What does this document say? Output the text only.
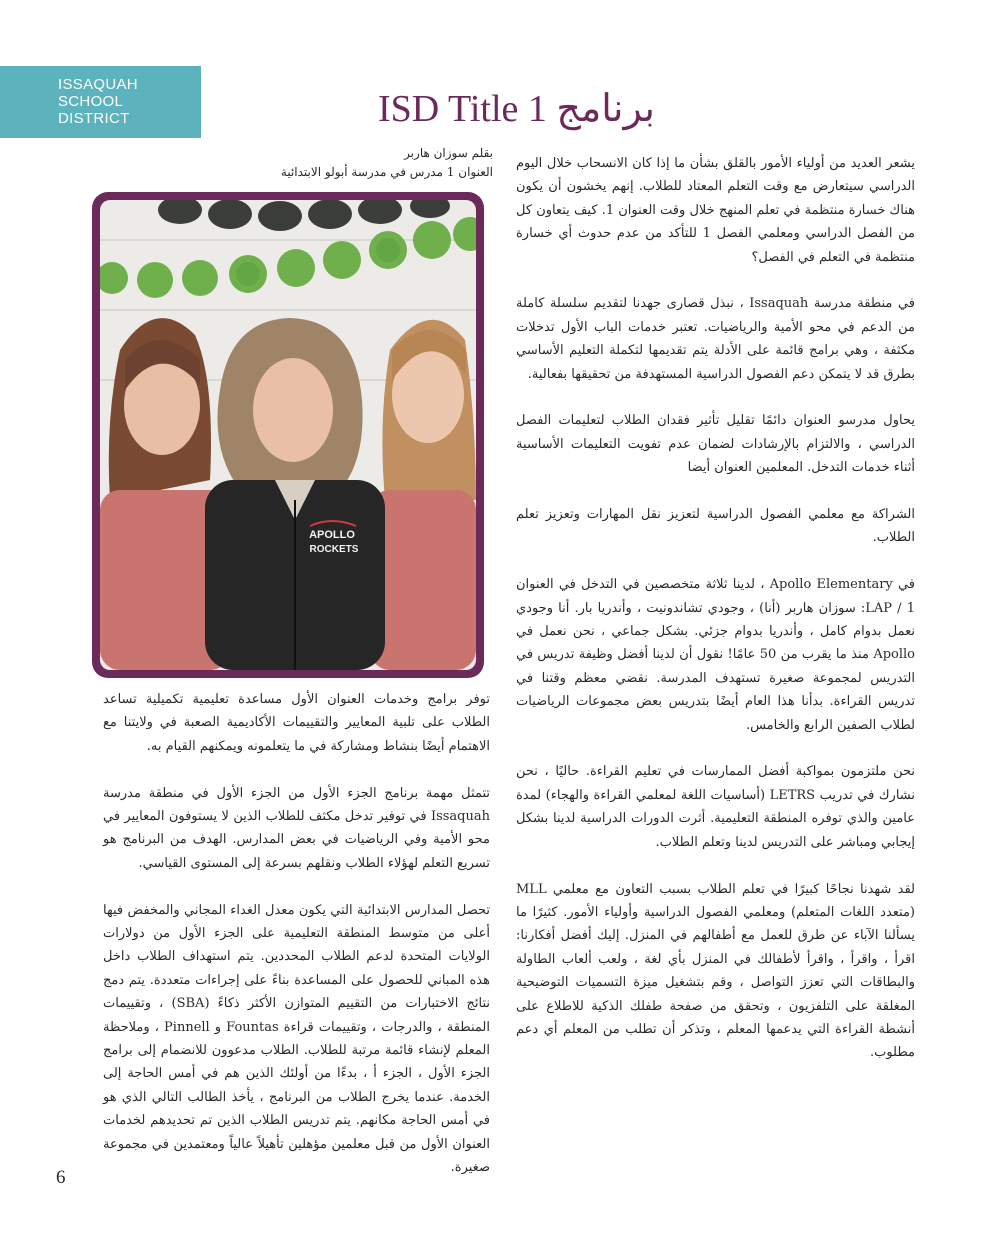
ISSAQUAH
SCHOOL
DISTRICT	برنامج ISD Title 1
بقلم سوزان هاربر
العنوان 1 مدرس في مدرسة أبولو الابتدائية
APOLLO
ROCKETS

يشعر العديد من أولياء الأمور بالقلق بشأن ما إذا كان الانسحاب خلال اليوم الدراسي سيتعارض مع وقت التعلم المعتاد للطلاب. إنهم يخشون أن يكون هناك خسارة منتظمة في تعلم المنهج خلال وقت العنوان 1. كيف يتعاون كل من الفصل الدراسي ومعلمي الفصل 1 للتأكد من عدم حدوث أي خسارة منتظمة في التعلم في الفصل؟

في منطقة مدرسة Issaquah ، نبذل قصارى جهدنا لتقديم سلسلة كاملة من الدعم في محو الأمية والرياضيات. تعتبر خدمات الباب الأول تدخلات مكثفة ، وهي برامج قائمة على الأدلة يتم تقديمها لتكملة التعليم الأساسي بطرق قد لا يتمكن دعم الفصول الدراسية المستهدفة من تحقيقها بفعالية.

يحاول مدرسو العنوان دائمًا تقليل تأثير فقدان الطلاب لتعليمات الفصل الدراسي ، والالتزام بالإرشادات لضمان عدم تفويت التعليمات الأساسية أثناء خدمات التدخل. المعلمين العنوان أيضا

الشراكة مع معلمي الفصول الدراسية لتعزيز نقل المهارات وتعزيز تعلم الطلاب.

في Apollo Elementary ، لدينا ثلاثة متخصصين في التدخل في العنوان 1 / LAP: سوزان هاربر (أنا) ، وجودي تشاندونيت ، وأندريا بار. أنا وجودي نعمل بدوام كامل ، وأندريا بدوام جزئي. بشكل جماعي ، نحن نعمل في Apollo منذ ما يقرب من 50 عامًا! نقول أن لدينا أفضل وظيفة تدريس في التدريس لمجموعة صغيرة تستهدف المدرسة. نقضي معظم وقتنا في تدريس القراءة. بدأنا هذا العام أيضًا بتدريس بعض مجموعات الرياضيات لطلاب الصفين الرابع والخامس.

نحن ملتزمون بمواكبة أفضل الممارسات في تعليم القراءة. حاليًا ، نحن نشارك في تدريب LETRS (أساسيات اللغة لمعلمي القراءة والهجاء) لمدة عامين والذي توفره المنطقة التعليمية. أثرت الدورات الدراسية لدينا بشكل إيجابي ومباشر على التدريس لدينا وتعلم الطلاب.

لقد شهدنا نجاحًا كبيرًا في تعلم الطلاب بسبب التعاون مع معلمي MLL (متعدد اللغات المتعلم) ومعلمي الفصول الدراسية وأولياء الأمور. كثيرًا ما يسألنا الآباء عن طرق للعمل مع أطفالهم في المنزل. إليك أفضل أفكارنا: اقرأ ، واقرأ ، واقرأ لأطفالك في المنزل بأي لغة ، ولعب ألعاب الطاولة والبطاقات التي تعزز التواصل ، وقم بتشغيل ميزة التسميات التوضيحية المغلقة على التلفزيون ، وتحقق من صفحة طفلك الذكية للاطلاع على أنشطة القراءة التي يدعمها المعلم ، وتذكر أن تطلب من المعلم أي دعم مطلوب.

توفر برامج وخدمات العنوان الأول مساعدة تعليمية تكميلية تساعد الطلاب على تلبية المعايير والتقييمات الأكاديمية الصعبة في ولايتنا مع الاهتمام أيضًا بنشاط ومشاركة في ما يتعلمونه ويمكنهم القيام به.

تتمثل مهمة برنامج الجزء الأول من الجزء الأول في منطقة مدرسة Issaquah في توفير تدخل مكثف للطلاب الذين لا يستوفون المعايير في محو الأمية وفي الرياضيات في بعض المدارس. الهدف من البرنامج هو تسريع التعلم لهؤلاء الطلاب ونقلهم بسرعة إلى المستوى القياسي.

تحصل المدارس الابتدائية التي يكون معدل الغداء المجاني والمخفض فيها أعلى من متوسط المنطقة التعليمية على الجزء الأول من دولارات الولايات المتحدة لدعم الطلاب المحددين. يتم استهداف الطلاب داخل هذه المباني للحصول على المساعدة بناءً على إجراءات متعددة. يتم دمج نتائج الاختبارات من التقييم المتوازن الأكثر ذكاءً (SBA) ، وتقييمات المنطقة ، والدرجات ، وتقييمات قراءة Fountas و Pinnell ، وملاحظة المعلم لإنشاء قائمة مرتبة للطلاب. الطلاب مدعوون للانضمام إلى برامج الجزء الأول ، الجزء أ ، بدءًا من أولئك الذين هم في أمس الحاجة إلى الخدمة. عندما يخرج الطلاب من البرنامج ، يأخذ الطالب التالي الذي هو في أمس الحاجة مكانهم. يتم تدريس الطلاب الذين تم تحديدهم لخدمات العنوان الأول من قبل معلمين مؤهلين تأهيلاً عالياً ومعتمدين في مجموعة صغيرة.

6
